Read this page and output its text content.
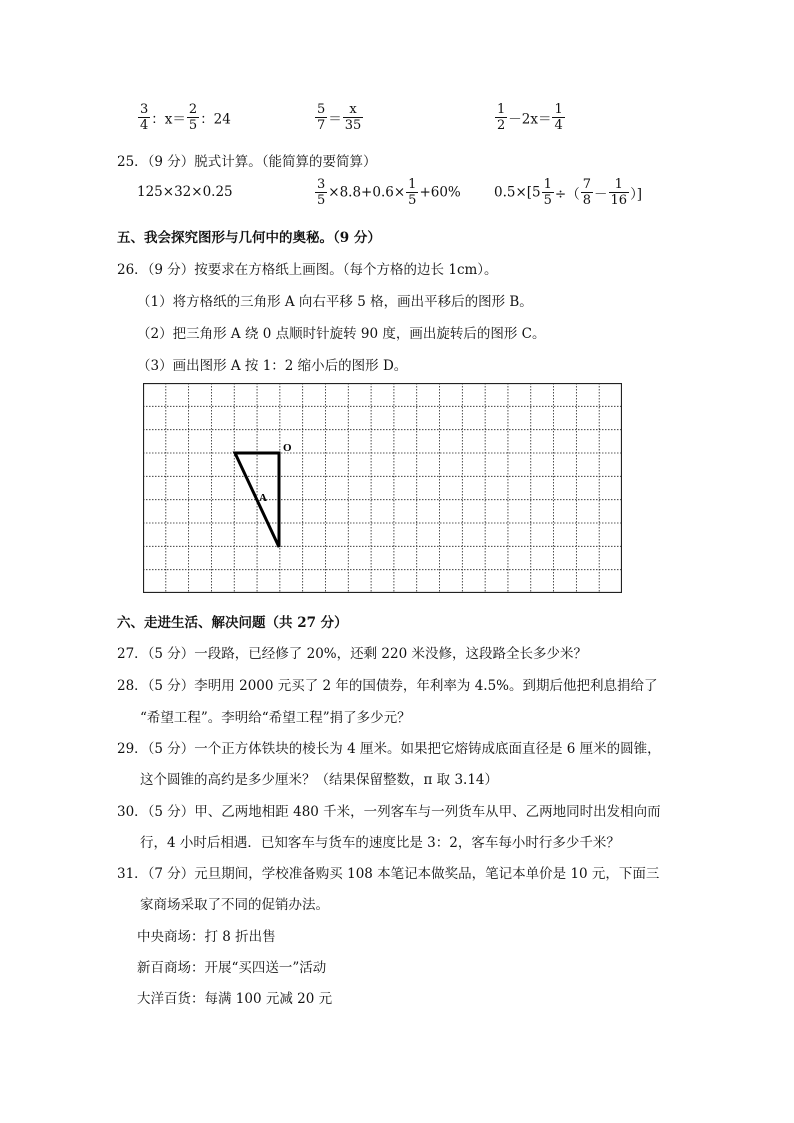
$\frac{3}{4}$ ：$x= \frac{2}{5}$ ：24	$\frac{5}{7} = \frac{x}{35}$	$\frac{1}{2} -2x= \frac{1}{4}$
25．（9 分）脱式计算。（能简算的要简算）
125×32×0.25	$\frac{3}{5} \times 8.8+0.6\times \frac{1}{5} +60\%$ $0.5\times[5 \frac{1}{5}$ ÷（ $\frac{7}{8} - \frac{1}{16}$ ）]
五、我会探究图形与几何中的奥秘。（9 分）
26．（9 分）按要求在方格纸上画图。（每个方格的边长 1cm）。
（1）将方格纸的三角形 A 向右平移 5 格，画出平移后的图形 B。
（2）把三角形 A 绕 0 点顺时针旋转 90 度，画出旋转后的图形 C。
（3）画出图形 A 按 1：2 缩小后的图形 D。
O
A
六、走进生活、解决问题（共 27 分）
27．（5 分）一段路，已经修了 20%，还剩 220 米没修，这段路全长多少米？
28．（5 分）李明用 2000 元买了 2 年的国债券，年利率为 4.5%。到期后他把利息捐给了
“希望工程”。李明给“希望工程”捐了多少元？
29．（5 分）一个正方体铁块的棱长为 4 厘米。如果把它熔铸成底面直径是 6 厘米的圆锥，
这个圆锥的高约是多少厘米？（结果保留整数，π 取 3.14）
30．（5 分）甲、乙两地相距 480 千米，一列客车与一列货车从甲、乙两地同时出发相向而
行，4 小时后相遇．已知客车与货车的速度比是 3：2，客车每小时行多少千米？
31．（7 分）元旦期间，学校准备购买 108 本笔记本做奖品，笔记本单价是 10 元，下面三
家商场采取了不同的促销办法。
中央商场：打 8 折出售
新百商场：开展“买四送一”活动
大洋百货：每满 100 元减 20 元
